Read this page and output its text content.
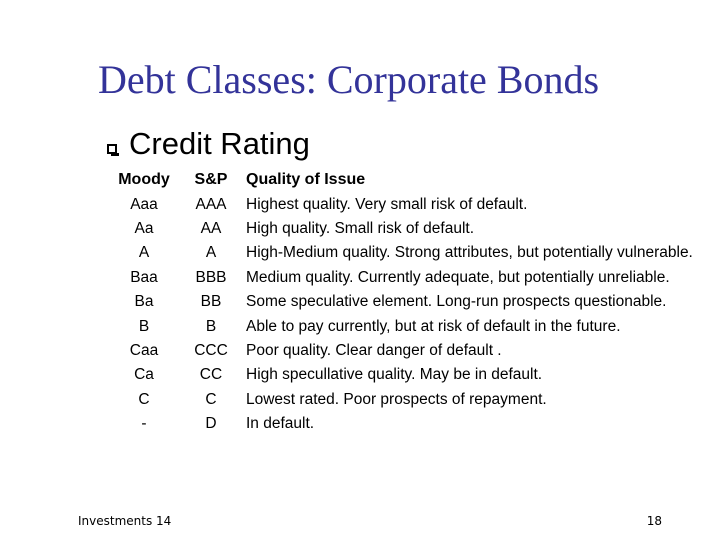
Debt Classes: Corporate Bonds
Credit Rating
Moody	S&P	Quality of Issue
Aaa	AAA	Highest quality. Very small risk of default.
Aa	AA	High quality. Small risk of default.
A	A	High-Medium quality. Strong attributes, but potentially vulnerable.
Baa	BBB	Medium quality. Currently adequate, but potentially unreliable.
Ba	BB	Some speculative element. Long-run prospects questionable.
B	B	Able to pay currently, but at risk of default in the future.
Caa	CCC	Poor quality. Clear danger of default .
Ca	CC	High specullative quality. May be in default.
C	C	Lowest rated. Poor prospects of repayment.
-	D	In default.
Investments 14	18
